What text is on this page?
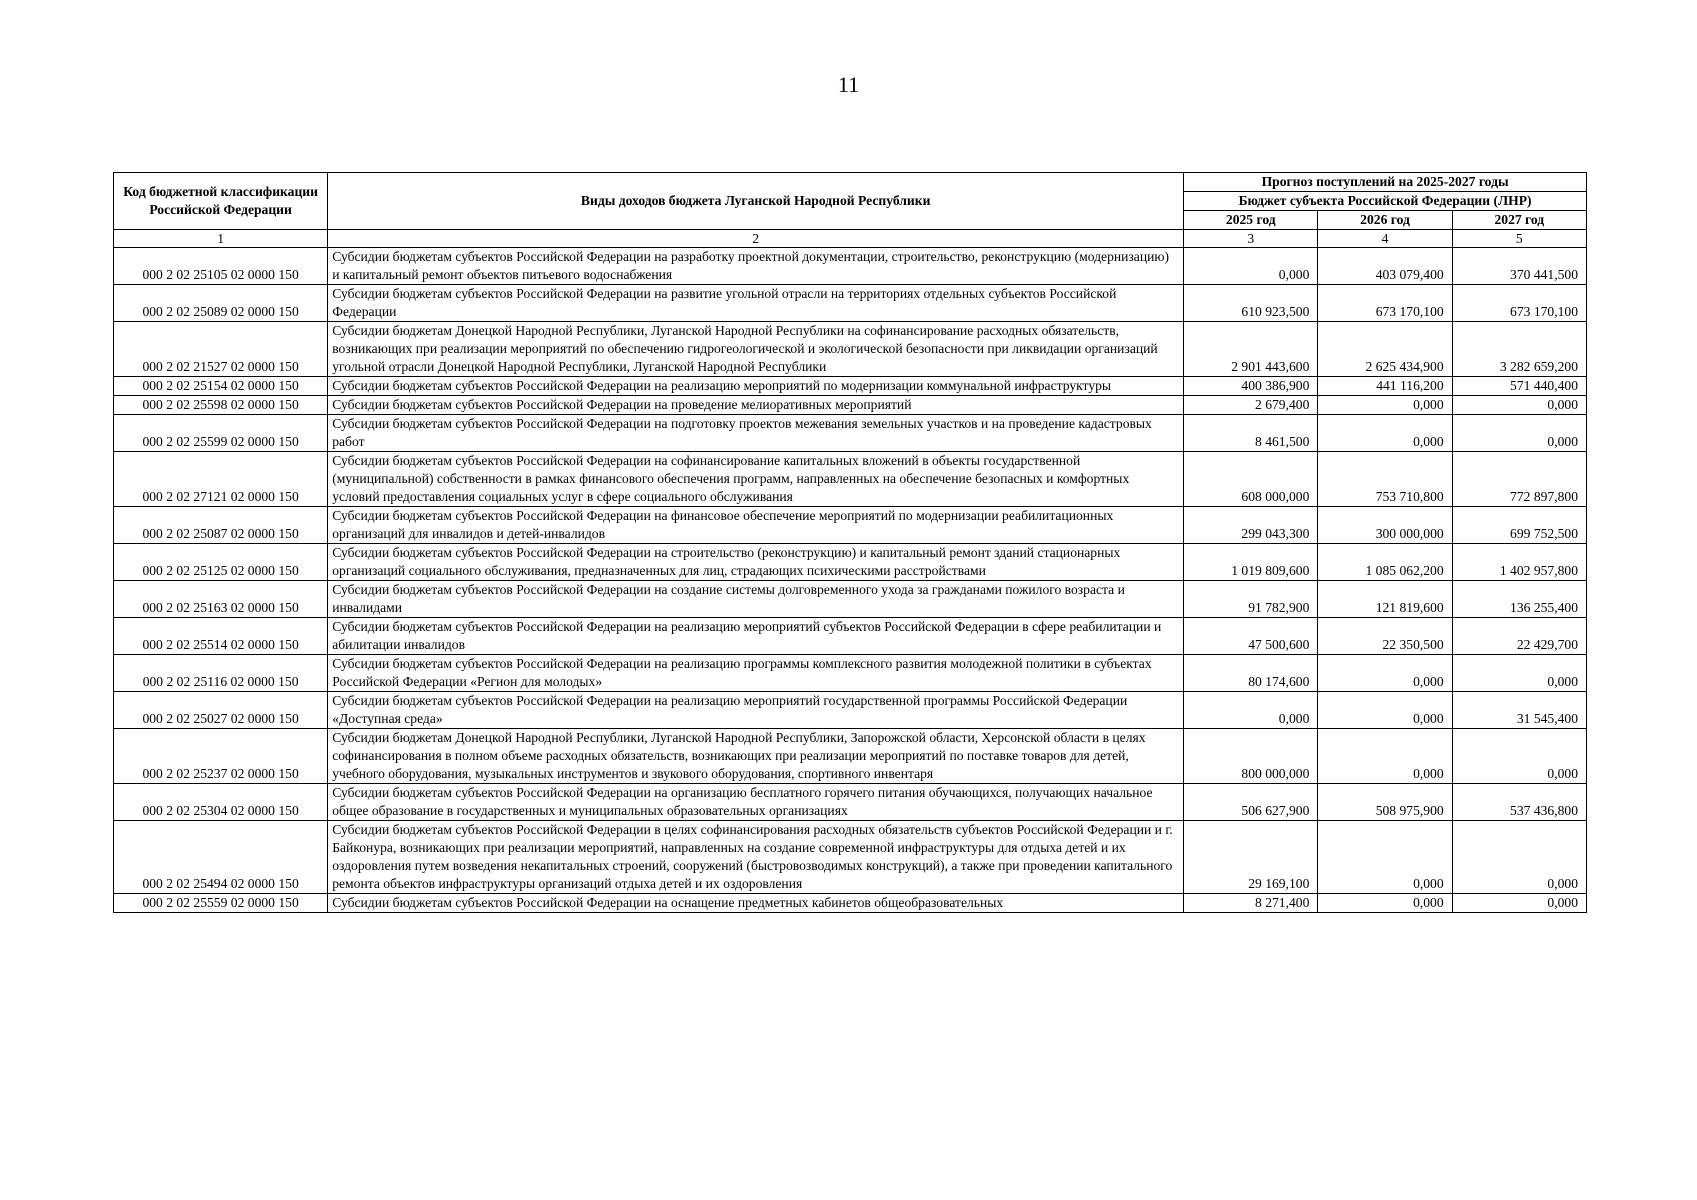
11
Код бюджетной классификации Российской Федерации	Виды доходов бюджета Луганской Народной Республики	Прогноз поступлений на 2025-2027 годы		
		Бюджет субъекта Российской Федерации (ЛНР)		
		2025 год	2026 год	2027 год
1	2	3	4	5
000 2 02 25105 02 0000 150	Субсидии бюджетам субъектов Российской Федерации на разработку проектной документации, строительство, реконструкцию (модернизацию) и капитальный ремонт объектов питьевого водоснабжения	0,000	403 079,400	370 441,500
000 2 02 25089 02 0000 150	Субсидии бюджетам субъектов Российской Федерации на развитие угольной отрасли на территориях отдельных субъектов Российской Федерации	610 923,500	673 170,100	673 170,100
000 2 02 21527 02 0000 150	Субсидии бюджетам Донецкой Народной Республики, Луганской Народной Республики на софинансирование расходных обязательств, возникающих при реализации мероприятий по обеспечению гидрогеологической и экологической безопасности при ликвидации организаций угольной отрасли Донецкой Народной Республики, Луганской Народной Республики	2 901 443,600	2 625 434,900	3 282 659,200
000 2 02 25154 02 0000 150	Субсидии бюджетам субъектов Российской Федерации на реализацию мероприятий по модернизации коммунальной инфраструктуры	400 386,900	441 116,200	571 440,400
000 2 02 25598 02 0000 150	Субсидии бюджетам субъектов Российской Федерации на проведение мелиоративных мероприятий	2 679,400	0,000	0,000
000 2 02 25599 02 0000 150	Субсидии бюджетам субъектов Российской Федерации на подготовку проектов межевания земельных участков и на проведение кадастровых работ	8 461,500	0,000	0,000
000 2 02 27121 02 0000 150	Субсидии бюджетам субъектов Российской Федерации на софинансирование капитальных вложений в объекты государственной (муниципальной) собственности в рамках финансового обеспечения программ, направленных на обеспечение безопасных и комфортных условий предоставления социальных услуг в сфере социального обслуживания	608 000,000	753 710,800	772 897,800
000 2 02 25087 02 0000 150	Субсидии бюджетам субъектов Российской Федерации на финансовое обеспечение мероприятий по модернизации реабилитационных организаций для инвалидов и детей-инвалидов	299 043,300	300 000,000	699 752,500
000 2 02 25125 02 0000 150	Субсидии бюджетам субъектов Российской Федерации на строительство (реконструкцию) и капитальный ремонт зданий стационарных организаций социального обслуживания, предназначенных для лиц, страдающих психическими расстройствами	1 019 809,600	1 085 062,200	1 402 957,800
000 2 02 25163 02 0000 150	Субсидии бюджетам субъектов Российской Федерации на создание системы долговременного ухода за гражданами пожилого возраста и инвалидами	91 782,900	121 819,600	136 255,400
000 2 02 25514 02 0000 150	Субсидии бюджетам субъектов Российской Федерации на реализацию мероприятий субъектов Российской Федерации в сфере реабилитации и абилитации инвалидов	47 500,600	22 350,500	22 429,700
000 2 02 25116 02 0000 150	Субсидии бюджетам субъектов Российской Федерации на реализацию программы комплексного развития молодежной политики в субъектах Российской Федерации «Регион для молодых»	80 174,600	0,000	0,000
000 2 02 25027 02 0000 150	Субсидии бюджетам субъектов Российской Федерации на реализацию мероприятий государственной программы Российской Федерации «Доступная среда»	0,000	0,000	31 545,400
000 2 02 25237 02 0000 150	Субсидии бюджетам Донецкой Народной Республики, Луганской Народной Республики, Запорожской области, Херсонской области в целях софинансирования в полном объеме расходных обязательств, возникающих при реализации мероприятий по поставке товаров для детей, учебного оборудования, музыкальных инструментов и звукового оборудования, спортивного инвентаря	800 000,000	0,000	0,000
000 2 02 25304 02 0000 150	Субсидии бюджетам субъектов Российской Федерации на организацию бесплатного горячего питания обучающихся, получающих начальное общее образование в государственных и муниципальных образовательных организациях	506 627,900	508 975,900	537 436,800
000 2 02 25494 02 0000 150	Субсидии бюджетам субъектов Российской Федерации в целях софинансирования расходных обязательств субъектов Российской Федерации и г. Байконура, возникающих при реализации мероприятий, направленных на создание современной инфраструктуры для отдыха детей и их оздоровления путем возведения некапитальных строений, сооружений (быстровозводимых конструкций), а также при проведении капитального ремонта объектов инфраструктуры организаций отдыха детей и их оздоровления	29 169,100	0,000	0,000
000 2 02 25559 02 0000 150	Субсидии бюджетам субъектов Российской Федерации на оснащение предметных кабинетов общеобразовательных	8 271,400	0,000	0,000
